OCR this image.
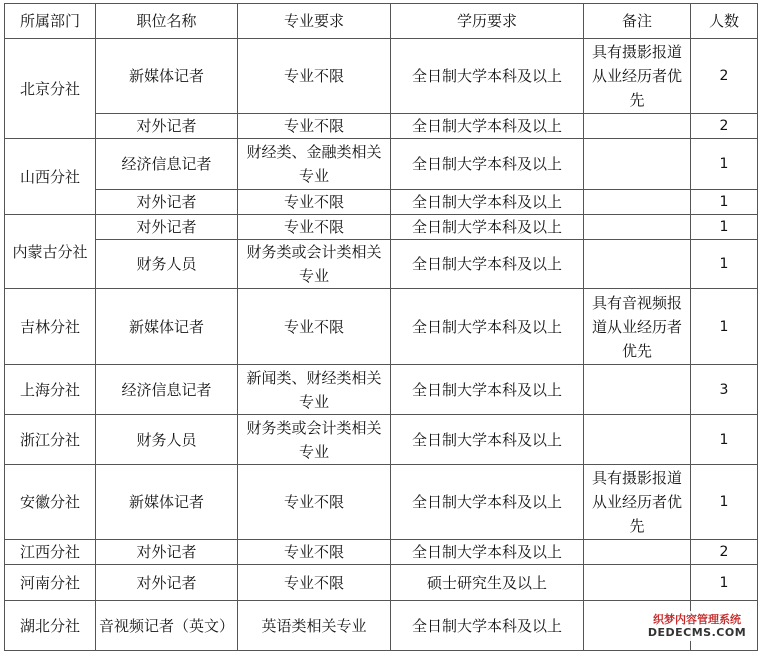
所属部门	职位名称	专业要求	学历要求	备注	人数
北京分社	新媒体记者	专业不限	全日制大学本科及以上	具有摄影报道从业经历者优先	2
	对外记者	专业不限	全日制大学本科及以上		2
山西分社	经济信息记者	财经类、金融类相关专业	全日制大学本科及以上		1
	对外记者	专业不限	全日制大学本科及以上		1
内蒙古分社	对外记者	专业不限	全日制大学本科及以上		1
	财务人员	财务类或会计类相关专业	全日制大学本科及以上		1
吉林分社	新媒体记者	专业不限	全日制大学本科及以上	具有音视频报道从业经历者优先	1
上海分社	经济信息记者	新闻类、财经类相关专业	全日制大学本科及以上		3
浙江分社	财务人员	财务类或会计类相关专业	全日制大学本科及以上		1
安徽分社	新媒体记者	专业不限	全日制大学本科及以上	具有摄影报道从业经历者优先	1
江西分社	对外记者	专业不限	全日制大学本科及以上		2
河南分社	对外记者	专业不限	硕士研究生及以上		1
湖北分社	音视频记者（英文）	英语类相关专业	全日制大学本科及以上			织梦内容管理系统
DEDECMS.COM
